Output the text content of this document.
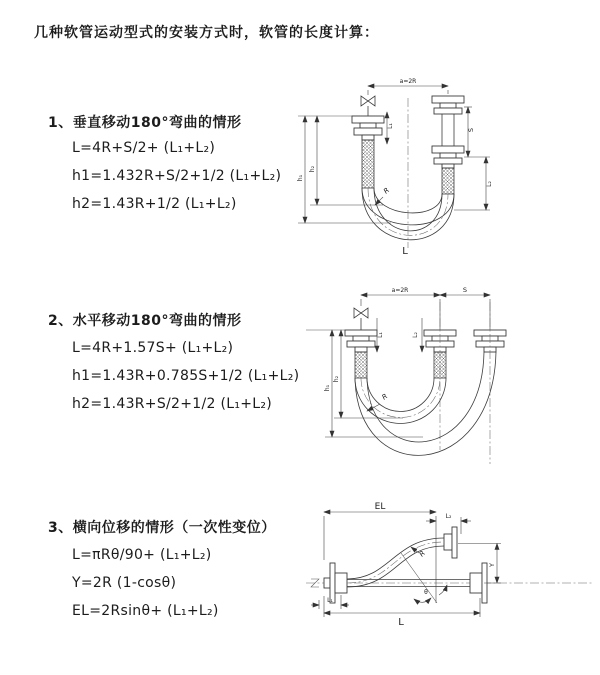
几种软管运动型式的安装方式时，软管的长度计算：
1、垂直移动180°弯曲的情形
L=4R+S/2+ (L₁+L₂)
h1=1.432R+S/2+1/2 (L₁+L₂)
h2=1.43R+1/2 (L₁+L₂)
a=2R
L₁
S
L₂
h₁
h₂
R
L
2、水平移动180°弯曲的情形
L=4R+1.57S+ (L₁+L₂)
h1=1.43R+0.785S+1/2 (L₁+L₂)
h2=1.43R+S/2+1/2 (L₁+L₂)
a=2R	S
L₁	L₂
h₁
h₂
R
3、横向位移的情形（一次性变位）
L=πRθ/90+ (L₁+L₂)
Y=2R (1-cosθ)
EL=2Rsinθ+ (L₁+L₂)
EL
L₂
Y
L
L₁
R
θ
